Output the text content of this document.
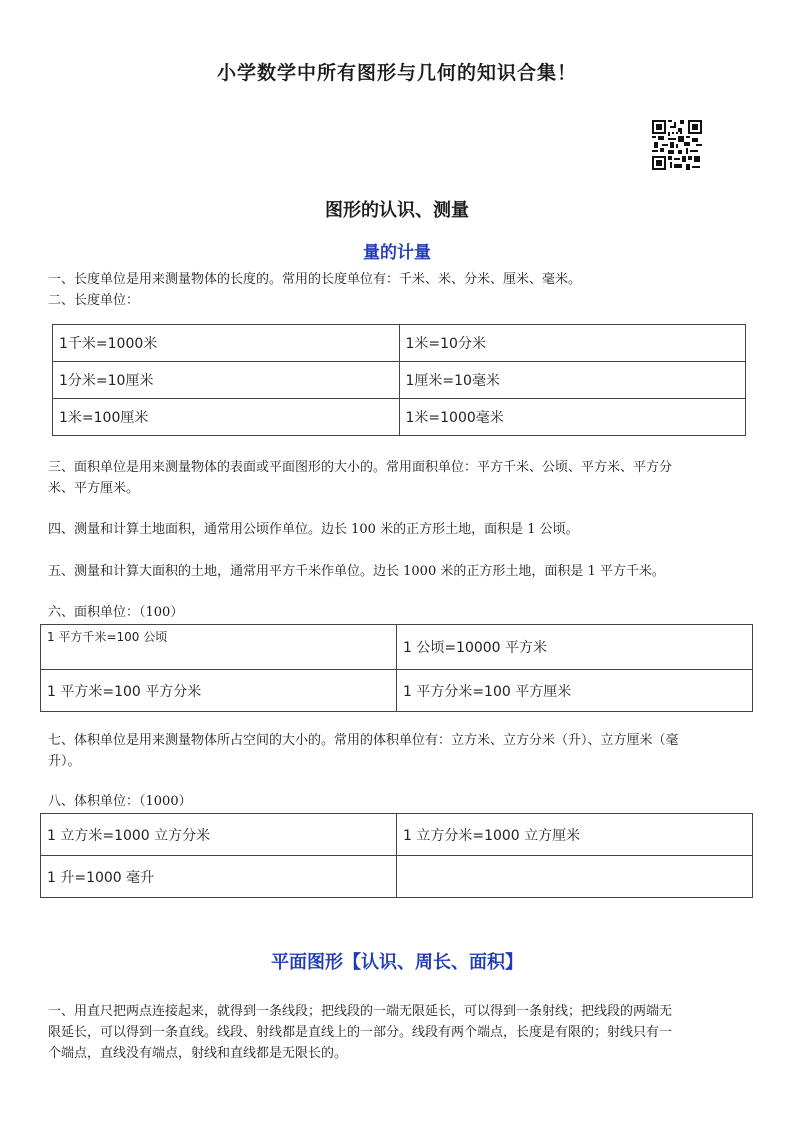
小学数学中所有图形与几何的知识合集！
图形的认识、测量
量的计量
一、长度单位是用来测量物体的长度的。常用的长度单位有：千米、米、分米、厘米、毫米。
二、长度单位：
1千米=1000米	1米=10分米
1分米=10厘米	1厘米=10毫米
1米=100厘米	1米=1000毫米
三、面积单位是用来测量物体的表面或平面图形的大小的。常用面积单位：平方千米、公顷、平方米、平方分
米、平方厘米。
四、测量和计算土地面积，通常用公顷作单位。边长 100 米的正方形土地，面积是 1 公顷。
五、测量和计算大面积的土地，通常用平方千米作单位。边长 1000 米的正方形土地，面积是 1 平方千米。
六、面积单位：（100）
1 平方千米=100 公顷	1 公顷=10000 平方米
1 平方米=100 平方分米	1 平方分米=100 平方厘米
七、体积单位是用来测量物体所占空间的大小的。常用的体积单位有：立方米、立方分米（升）、立方厘米（毫
升）。
八、体积单位：（1000）
1 立方米=1000 立方分米	1 立方分米=1000 立方厘米
1 升=1000 毫升	
平面图形【认识、周长、面积】
一、用直尺把两点连接起来，就得到一条线段；把线段的一端无限延长，可以得到一条射线；把线段的两端无
限延长，可以得到一条直线。线段、射线都是直线上的一部分。线段有两个端点，长度是有限的；射线只有一
个端点，直线没有端点，射线和直线都是无限长的。
